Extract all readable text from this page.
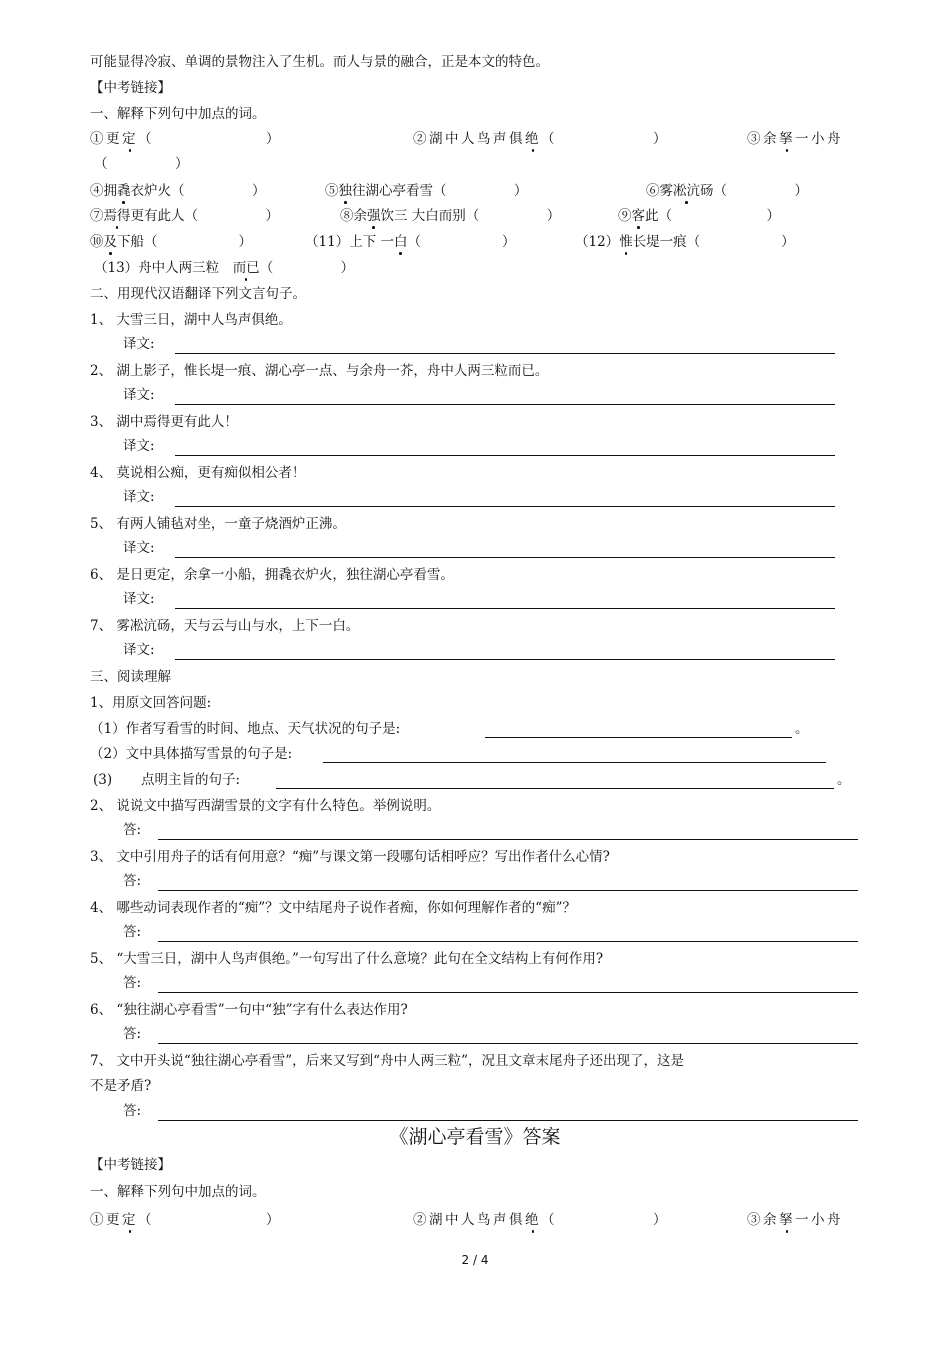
可能显得冷寂、单调的景物注入了生机。而人与景的融合，正是本文的特色。
【中考链接】
一、解释下列句中加点的词。
①更定（　　　　　　　）	②湖中人鸟声俱绝（　　　　　　）	③余拏一小舟
（　　　　　）
④拥毳衣炉火（　　　　　）	⑤独往湖心亭看雪（　　　　　）	⑥雾凇沆砀（　　　　　）
⑦焉得更有此人（　　　　　）	⑧余强饮三 大白而别（　　　　　）	⑨客此（　　　　　　　）
⑩及下船（　　　　　　）	（11）上下 一白（　　　　　　）	（12）惟长堤一痕（　　　　　　）
（13）舟中人两三粒　而已（　　　　　）
二、用现代汉语翻译下列文言句子。
1、 大雪三日，湖中人鸟声俱绝。
译文:
2、 湖上影子，惟长堤一痕、湖心亭一点、与余舟一芥，舟中人两三粒而已。
译文:
3、 湖中焉得更有此人！
译文:
4、 莫说相公痴，更有痴似相公者！
译文:
5、 有两人铺毡对坐，一童子烧酒炉正沸。
译文:
6、 是日更定，余拿一小船，拥毳衣炉火，独往湖心亭看雪。
译文:
7、 雾凇沆砀，天与云与山与水，上下一白。
译文:
三、阅读理解
1、用原文回答问题:
（1）作者写看雪的时间、地点、天气状况的句子是:	。
（2）文中具体描写雪景的句子是:
(3) 点明主旨的句子:	。
2、 说说文中描写西湖雪景的文字有什么特色。举例说明。
答:
3、 文中引用舟子的话有何用意？“痴”与课文第一段哪句话相呼应？写出作者什么心情?
答:
4、 哪些动词表现作者的“痴”？文中结尾舟子说作者痴，你如何理解作者的“痴”？
答:
5、 “大雪三日，湖中人鸟声俱绝。”一句写出了什么意境？此句在全文结构上有何作用?
答:
6、 “独往湖心亭看雪”一句中“独”字有什么表达作用?
答:
7、 文中开头说“独往湖心亭看雪”，后来又写到“舟中人两三粒”，况且文章末尾舟子还出现了，这是
不是矛盾?
答:
《湖心亭看雪》答案
【中考链接】
一、解释下列句中加点的词。
①更定（　　　　　　　）	②湖中人鸟声俱绝（　　　　　　）	③余拏一小舟
2 / 4
